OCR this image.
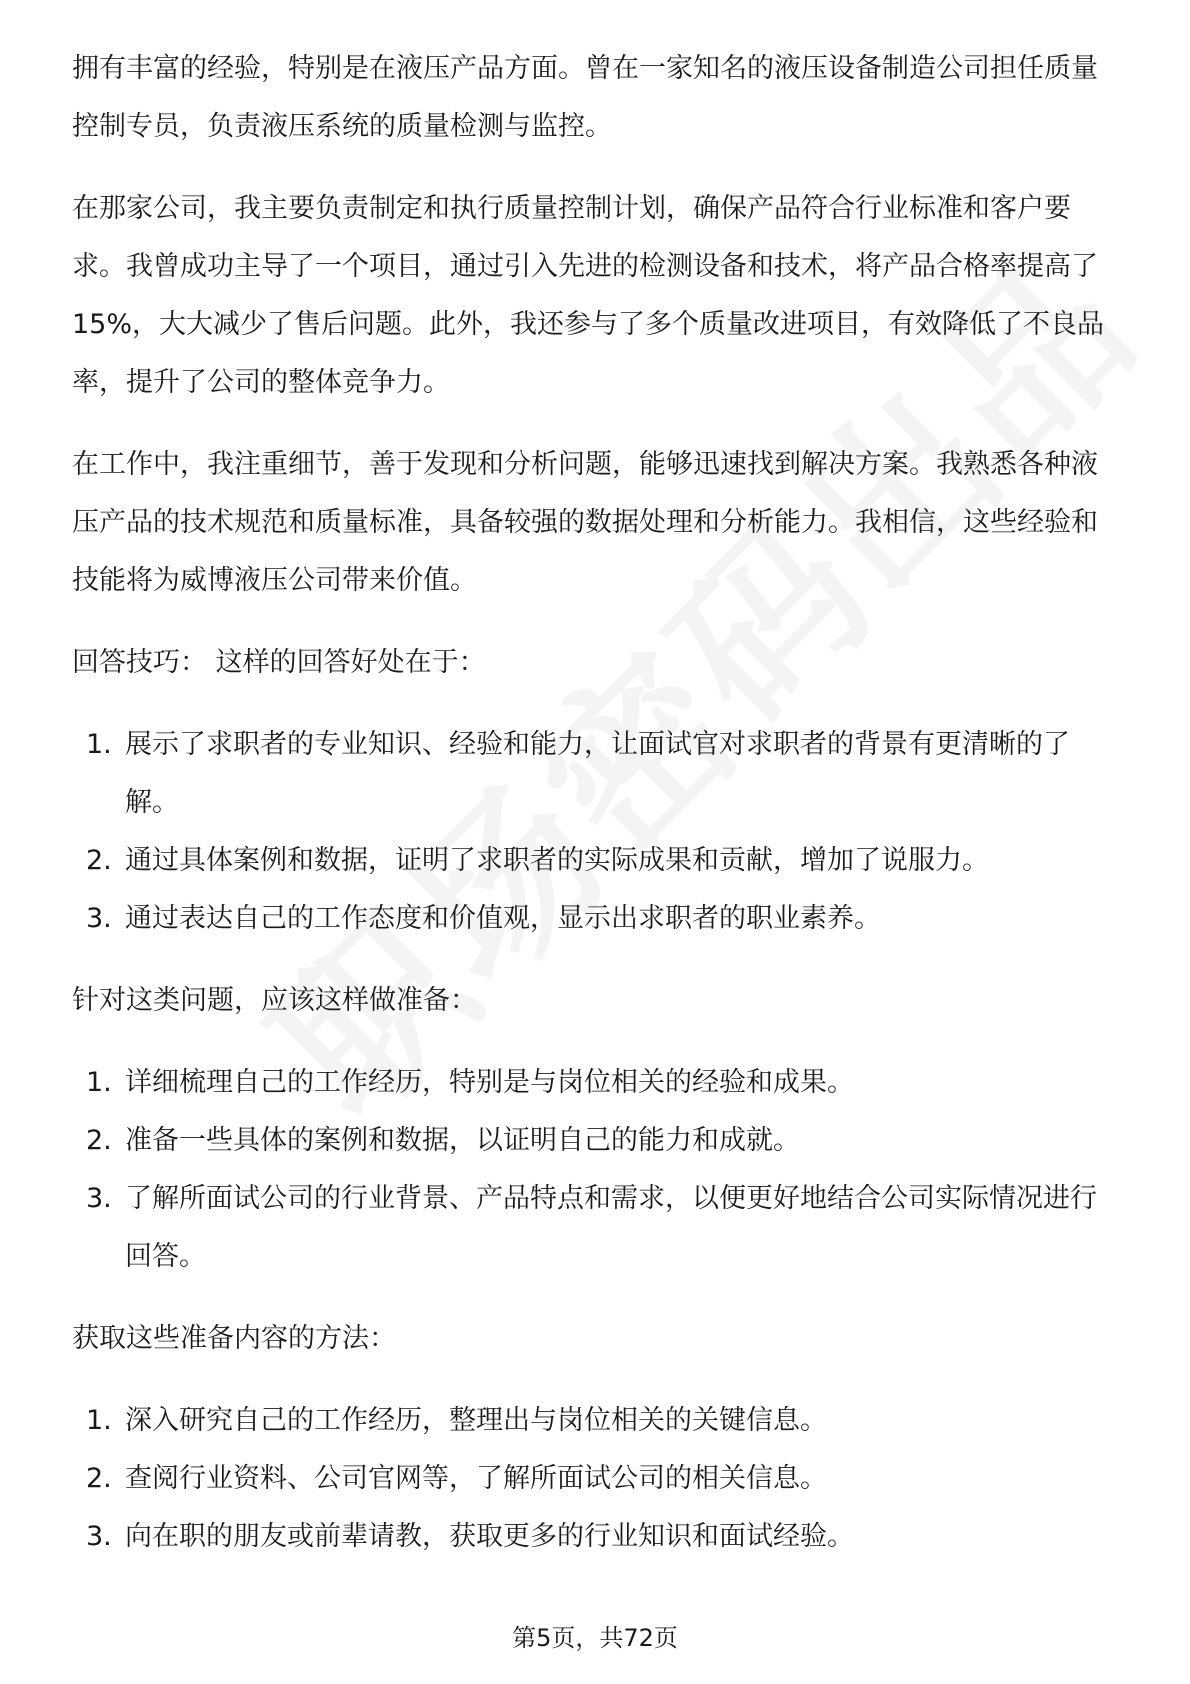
拥有丰富的经验，特别是在液压产品方面。曾在一家知名的液压设备制造公司担任质量控制专员，负责液压系统的质量检测与监控。

在那家公司，我主要负责制定和执行质量控制计划，确保产品符合行业标准和客户要求。我曾成功主导了一个项目，通过引入先进的检测设备和技术，将产品合格率提高了15%，大大减少了售后问题。此外，我还参与了多个质量改进项目，有效降低了不良品率，提升了公司的整体竞争力。

在工作中，我注重细节，善于发现和分析问题，能够迅速找到解决方案。我熟悉各种液压产品的技术规范和质量标准，具备较强的数据处理和分析能力。我相信，这些经验和技能将为威博液压公司带来价值。

回答技巧： 这样的回答好处在于：

1. 展示了求职者的专业知识、经验和能力，让面试官对求职者的背景有更清晰的了解。
2. 通过具体案例和数据，证明了求职者的实际成果和贡献，增加了说服力。
3. 通过表达自己的工作态度和价值观，显示出求职者的职业素养。

针对这类问题，应该这样做准备：

1. 详细梳理自己的工作经历，特别是与岗位相关的经验和成果。
2. 准备一些具体的案例和数据，以证明自己的能力和成就。
3. 了解所面试公司的行业背景、产品特点和需求，以便更好地结合公司实际情况进行回答。

获取这些准备内容的方法：

1. 深入研究自己的工作经历，整理出与岗位相关的关键信息。
2. 查阅行业资料、公司官网等，了解所面试公司的相关信息。
3. 向在职的朋友或前辈请教，获取更多的行业知识和面试经验。
第5页，共72页
